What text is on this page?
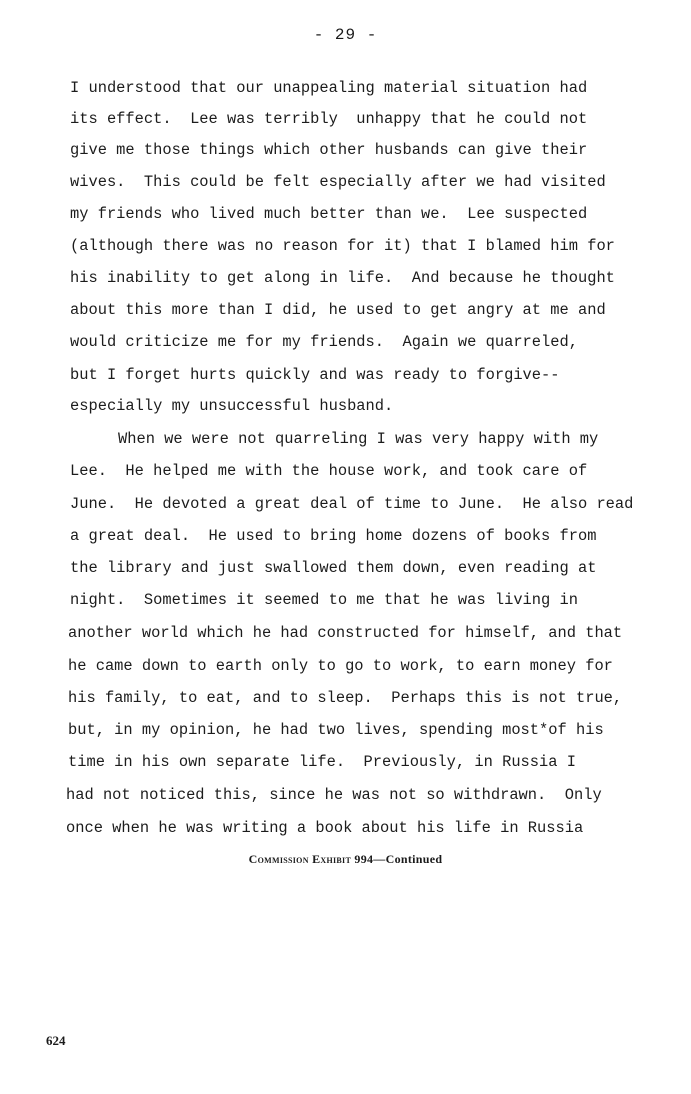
- 29 -
I understood that our unappealing material situation had
its effect.  Lee was terribly  unhappy that he could not
give me those things which other husbands can give their
wives.  This could be felt especially after we had visited
my friends who lived much better than we.  Lee suspected
(although there was no reason for it) that I blamed him for
his inability to get along in life.  And because he thought
about this more than I did, he used to get angry at me and
would criticize me for my friends.  Again we quarreled,
but I forget hurts quickly and was ready to forgive--
especially my unsuccessful husband.
When we were not quarreling I was very happy with my
Lee.  He helped me with the house work, and took care of
June.  He devoted a great deal of time to June.  He also read
a great deal.  He used to bring home dozens of books from
the library and just swallowed them down, even reading at
night.  Sometimes it seemed to me that he was living in
another world which he had constructed for himself, and that
he came down to earth only to go to work, to earn money for
his family, to eat, and to sleep.  Perhaps this is not true,
but, in my opinion, he had two lives, spending most*of his
time in his own separate life.  Previously, in Russia I
had not noticed this, since he was not so withdrawn.  Only
once when he was writing a book about his life in Russia
Commission Exhibit 994—Continued
624
